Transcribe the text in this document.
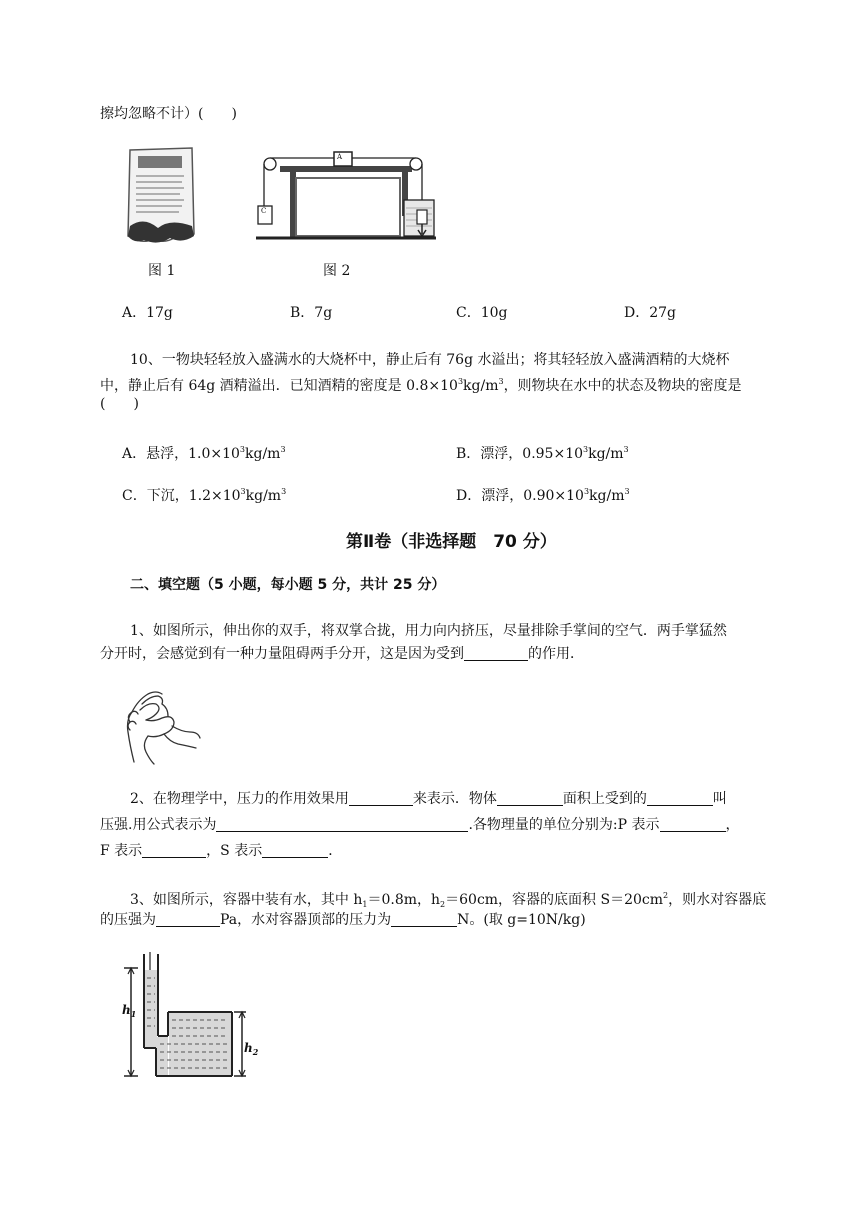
擦均忽略不计）(　　)
图 1
A
C
图 2
A．17g	B．7g	C．10g	D．27g
10、一物块轻轻放入盛满水的大烧杯中，静止后有 76g 水溢出；将其轻轻放入盛满酒精的大烧杯
中，静止后有 64g 酒精溢出．已知酒精的密度是 $0.8\times 10^3kg/m^3$，则物块在水中的状态及物块的密度是
(　　)
A．悬浮，$1.0\times 10^3kg/m^3$	B．漂浮，$0.95\times 10^3kg/m^3$
C．下沉，$1.2\times 10^3kg/m^3$	D．漂浮，$0.90\times 10^3kg/m^3$
第Ⅱ卷（非选择题　70 分）
二、填空题（5 小题，每小题 5 分，共计 25 分）
1、如图所示，伸出你的双手，将双掌合拢，用力向内挤压，尽量排除手掌间的空气．两手掌猛然
分开时，会感觉到有一种力量阻碍两手分开，这是因为受到	的作用．
2、在物理学中，压力的作用效果用	来表示．物体	面积上受到的	叫
压强.用公式表示为	.各物理量的单位分别为:P 表示	，
F 表示	，S 表示	．
3、如图所示，容器中装有水，其中 $h_1=0.8m$，$h_2=60cm$，容器的底面积 $S=20cm^2$，则水对容器底
的压强为	Pa，水对容器顶部的压力为	N。(取 g=10N/kg)
$h_1$
$h_2$
